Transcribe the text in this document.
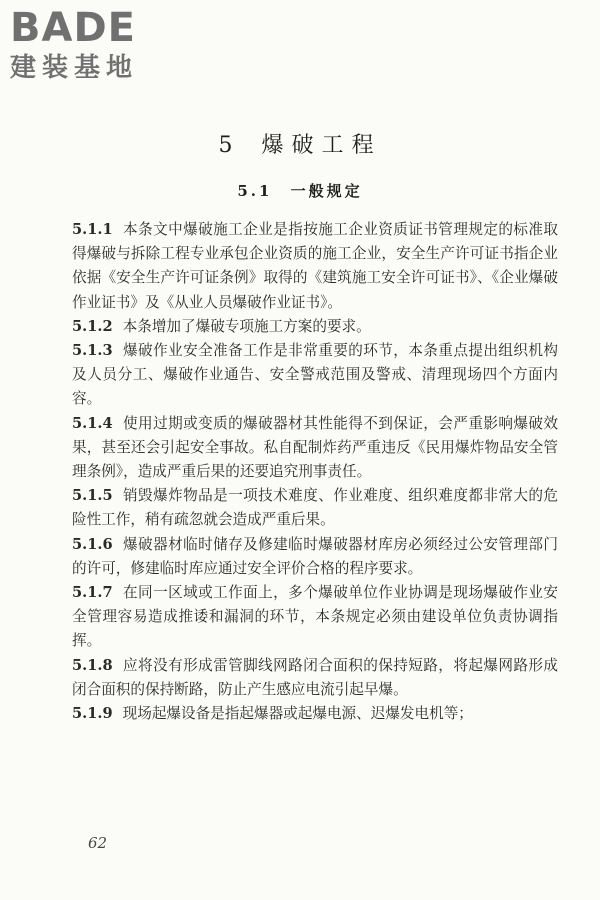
BADE
建装基地
5 爆破工程
5.1 一般规定

5.1.1 本条文中爆破施工企业是指按施工企业资质证书管理规定的标准取得爆破与拆除工程专业承包企业资质的施工企业，安全生产许可证书指企业依据《安全生产许可证条例》取得的《建筑施工安全许可证书》、《企业爆破作业证书》及《从业人员爆破作业证书》。

5.1.2 本条增加了爆破专项施工方案的要求。

5.1.3 爆破作业安全准备工作是非常重要的环节，本条重点提出组织机构及人员分工、爆破作业通告、安全警戒范围及警戒、清理现场四个方面内容。

5.1.4 使用过期或变质的爆破器材其性能得不到保证，会严重影响爆破效果，甚至还会引起安全事故。私自配制炸药严重违反《民用爆炸物品安全管理条例》，造成严重后果的还要追究刑事责任。

5.1.5 销毁爆炸物品是一项技术难度、作业难度、组织难度都非常大的危险性工作，稍有疏忽就会造成严重后果。

5.1.6 爆破器材临时储存及修建临时爆破器材库房必须经过公安管理部门的许可，修建临时库应通过安全评价合格的程序要求。

5.1.7 在同一区域或工作面上，多个爆破单位作业协调是现场爆破作业安全管理容易造成推诿和漏洞的环节，本条规定必须由建设单位负责协调指挥。

5.1.8 应将没有形成雷管脚线网路闭合面积的保持短路，将起爆网路形成闭合面积的保持断路，防止产生感应电流引起早爆。

5.1.9 现场起爆设备是指起爆器或起爆电源、迟爆发电机等；

62
